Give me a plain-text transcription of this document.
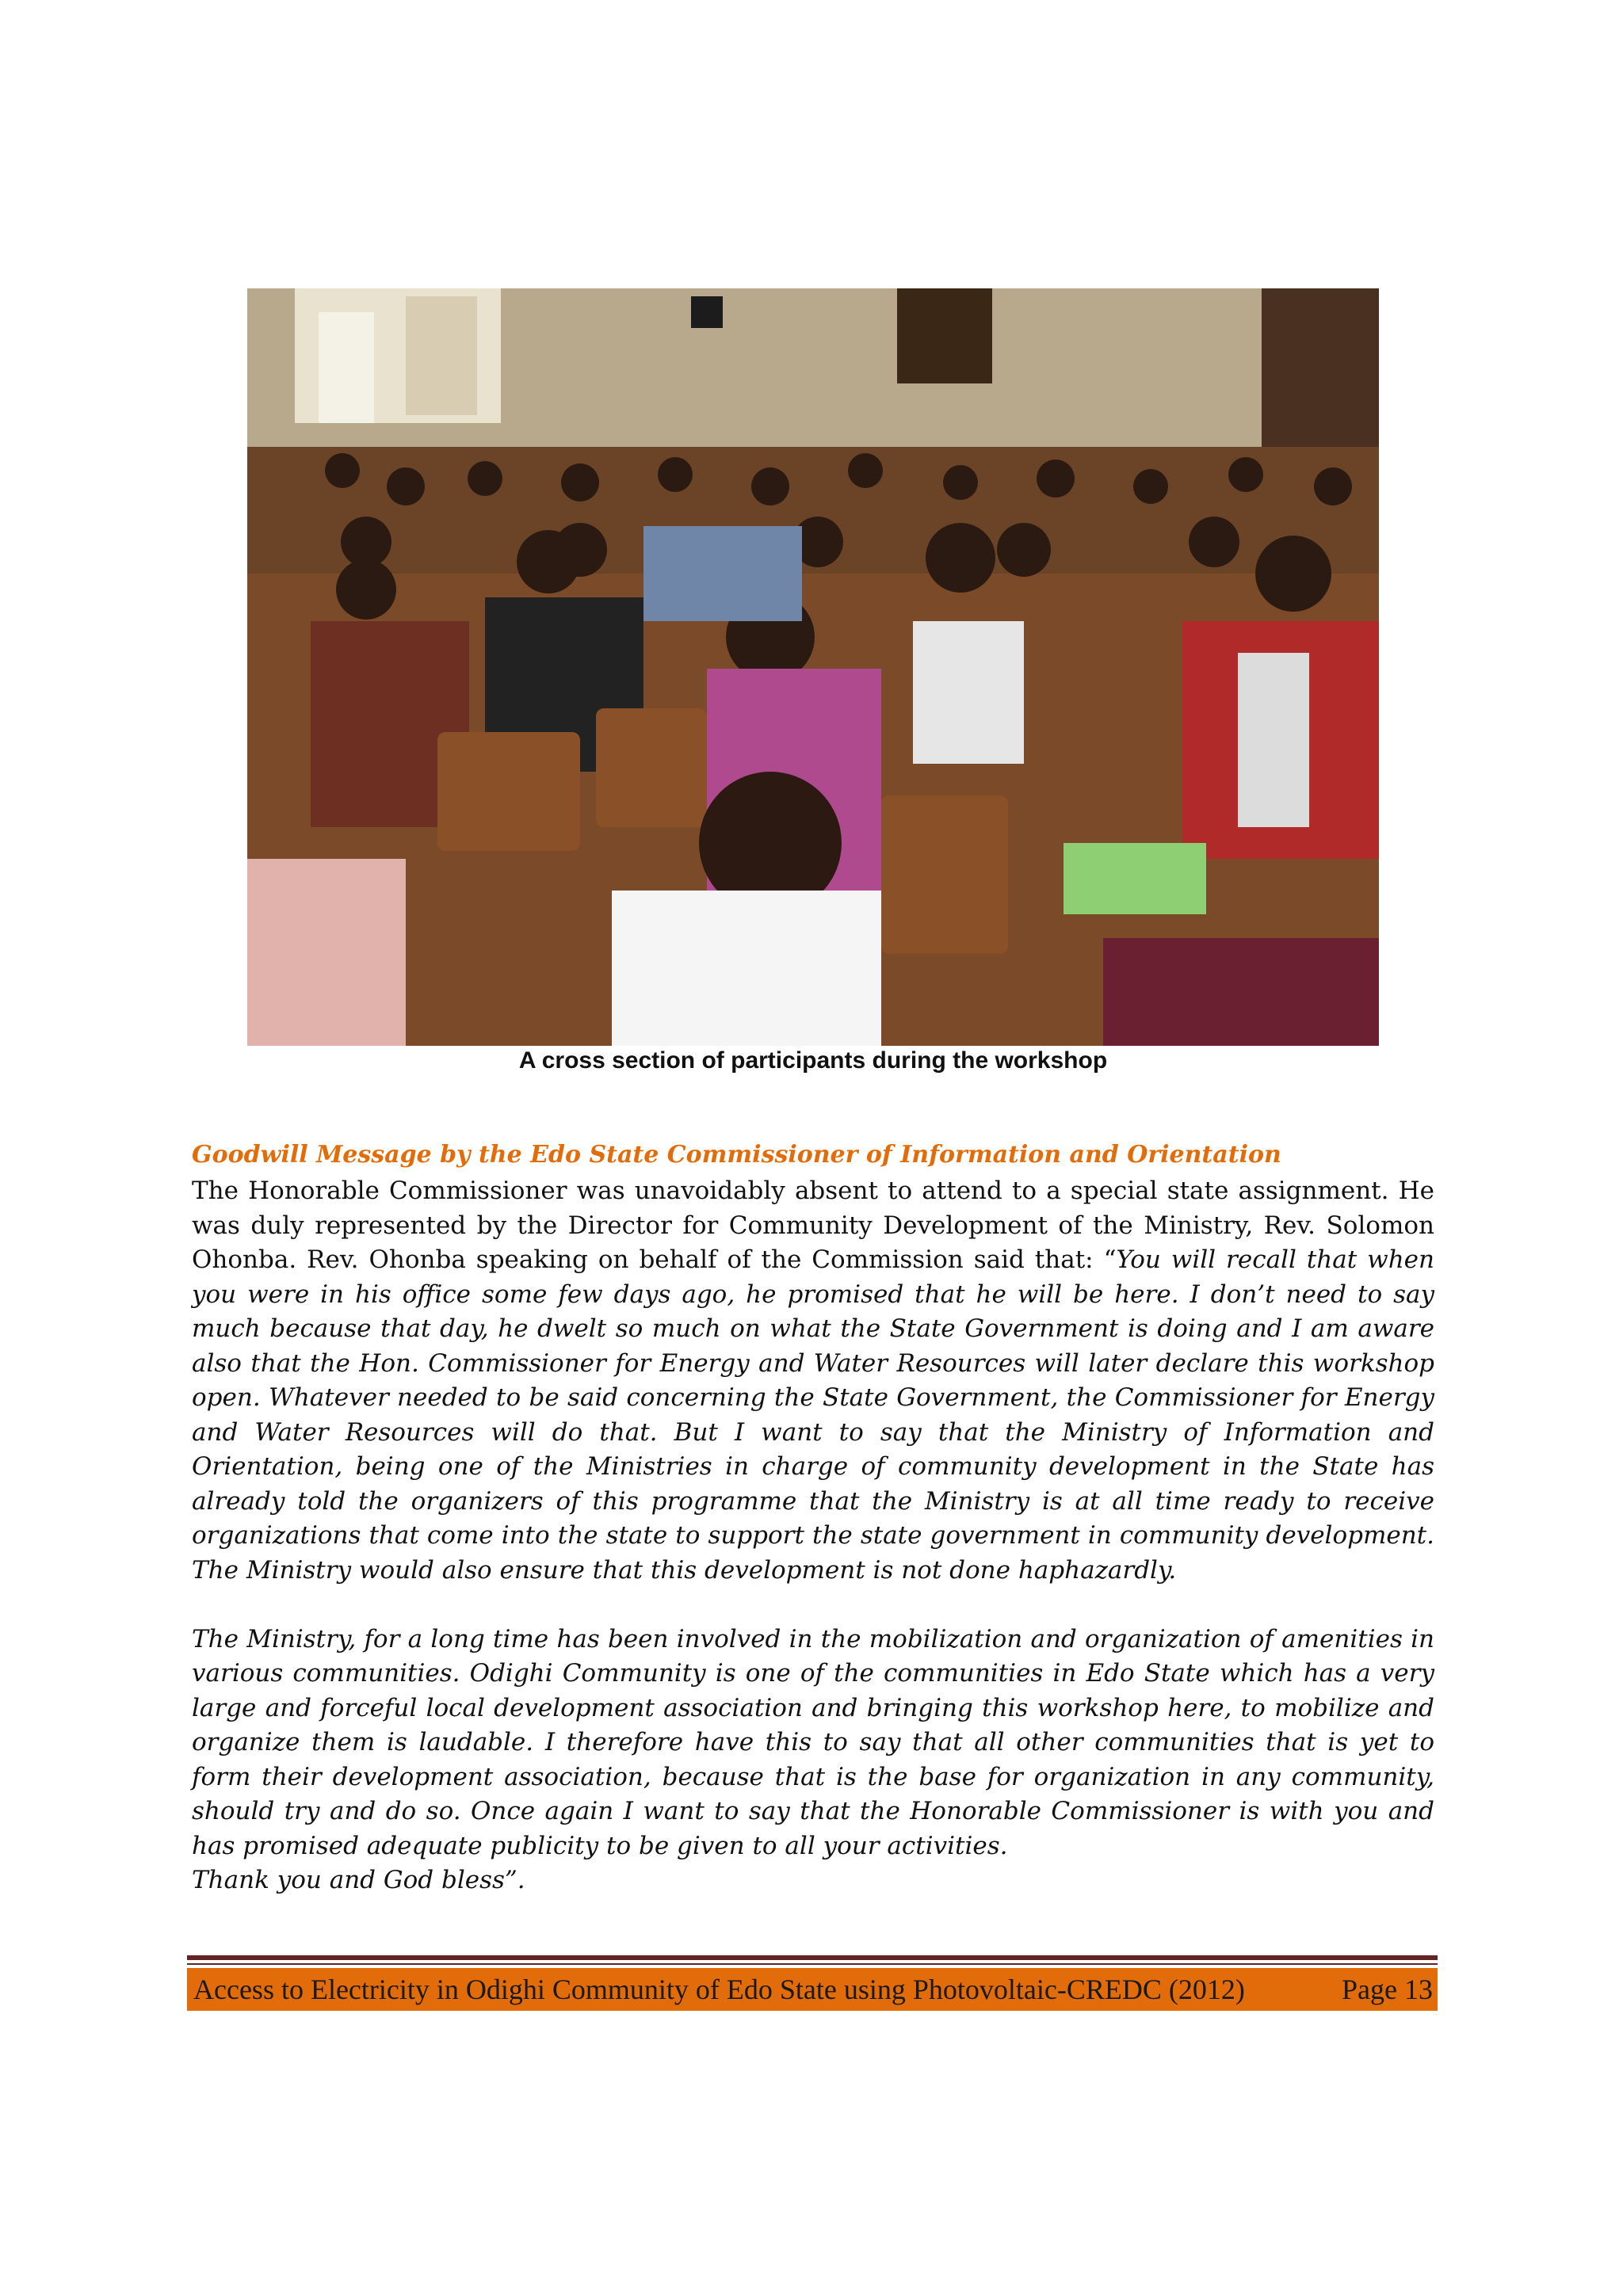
A cross section of participants during the workshop
Goodwill Message by the Edo State Commissioner of Information and Orientation

The Honorable Commissioner was unavoidably absent to attend to a special state assignment. He was duly represented by the Director for Community Development of the Ministry, Rev. Solomon Ohonba. Rev. Ohonba speaking on behalf of the Commission said that: “You will recall that when you were in his office some few days ago, he promised that he will be here. I don’t need to say much because that day, he dwelt so much on what the State Government is doing and I am aware also that the Hon. Commissioner for Energy and Water Resources will later declare this workshop open. Whatever needed to be said concerning the State Government, the Commissioner for Energy and Water Resources will do that. But I want to say that the Ministry of Information and Orientation, being one of the Ministries in charge of community development in the State has already told the organizers of this programme that the Ministry is at all time ready to receive organizations that come into the state to support the state government in community development. The Ministry would also ensure that this development is not done haphazardly.

The Ministry, for a long time has been involved in the mobilization and organization of amenities in various communities. Odighi Community is one of the communities in Edo State which has a very large and forceful local development association and bringing this workshop here, to mobilize and organize them is laudable. I therefore have this to say that all other communities that is yet to form their development association, because that is the base for organization in any community, should try and do so. Once again I want to say that the Honorable Commissioner is with you and has promised adequate publicity to be given to all your activities.

Thank you and God bless”.

Access to Electricity in Odighi Community of Edo State using Photovoltaic-CREDC (2012)	Page 13
